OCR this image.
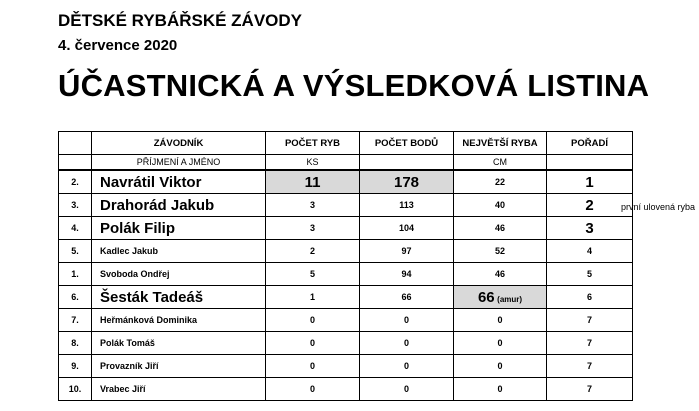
DĚTSKÉ RYBÁŘSKÉ ZÁVODY
4. července 2020
ÚČASTNICKÁ A VÝSLEDKOVÁ LISTINA
	ZÁVODNÍK	POČET RYB	POČET BODŮ	NEJVĚTŠÍ RYBA	POŘADÍ
	PŘÍJMENÍ A JMÉNO	KS		CM	
2.	Navrátil Viktor	11	178	22	1
3.	Drahorád Jakub	3	113	40	2
4.	Polák Filip	3	104	46	3
5.	Kadlec Jakub	2	97	52	4
1.	Svoboda Ondřej	5	94	46	5
6.	Šesták Tadeáš	1	66	66 (amur)	6
7.	Heřmánková Dominika	0	0	0	7
8.	Polák Tomáš	0	0	0	7
9.	Provazník Jiří	0	0	0	7
10.	Vrabec Jiří	0	0	0	7
první ulovená ryba
